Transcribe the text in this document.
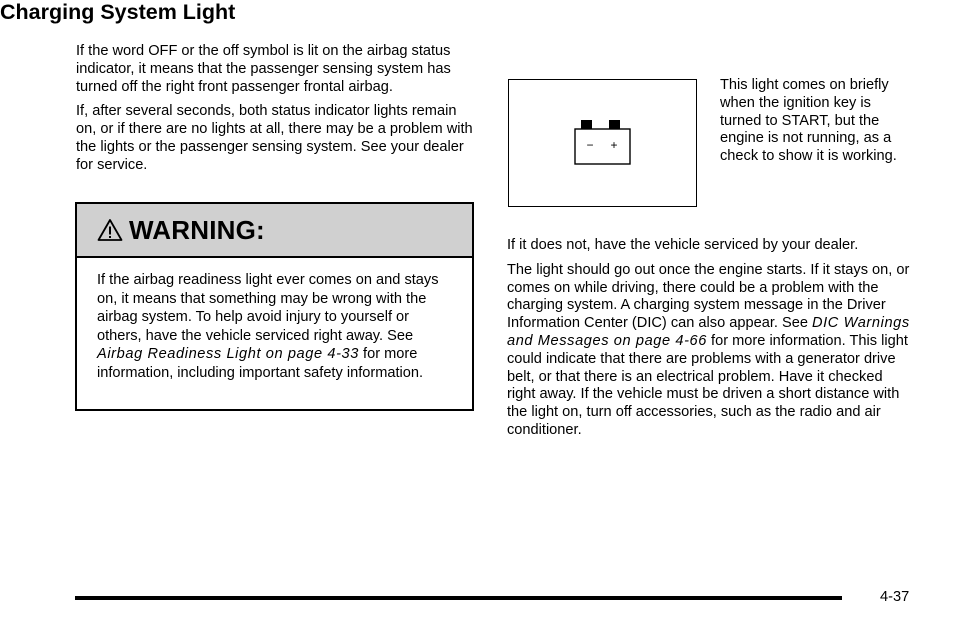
If the word OFF or the off symbol is lit on the airbag status indicator, it means that the passenger sensing system has turned off the right front passenger frontal airbag.

If, after several seconds, both status indicator lights remain on, or if there are no lights at all, there may be a problem with the lights or the passenger sensing system. See your dealer for service.

WARNING:
If the airbag readiness light ever comes on and stays on, it means that something may be wrong with the airbag system. To help avoid injury to yourself or others, have the vehicle serviced right away. See Airbag Readiness Light on page 4-33 for more information, including important safety information.
Charging System Light
− +
This light comes on briefly when the ignition key is turned to START, but the engine is not running, as a check to show it is working.

If it does not, have the vehicle serviced by your dealer.

The light should go out once the engine starts. If it stays on, or comes on while driving, there could be a problem with the charging system. A charging system message in the Driver Information Center (DIC) can also appear. See DIC Warnings and Messages on page 4-66 for more information. This light could indicate that there are problems with a generator drive belt, or that there is an electrical problem. Have it checked right away. If the vehicle must be driven a short distance with the light on, turn off accessories, such as the radio and air conditioner.

4-37
